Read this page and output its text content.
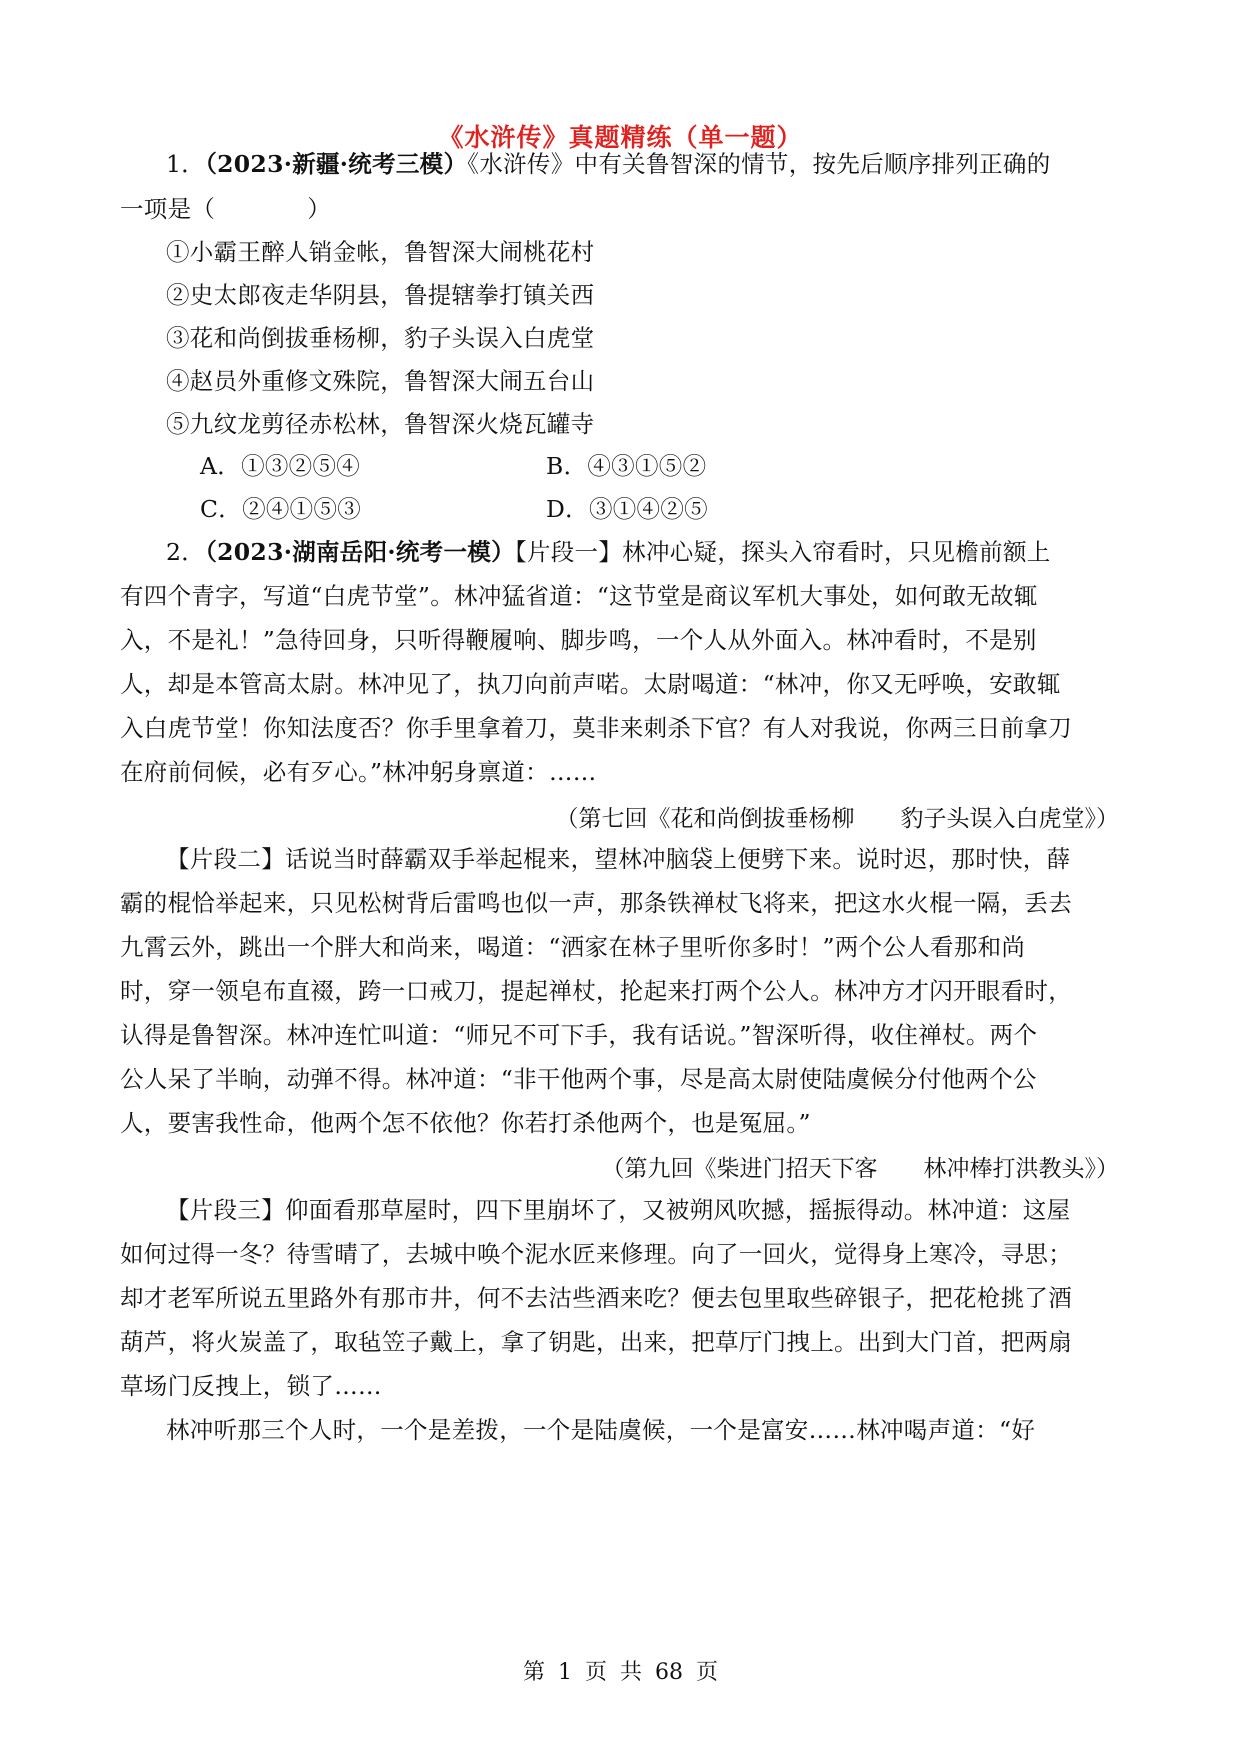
《水浒传》真题精练（单一题）
1．（2023·新疆·统考三模）《水浒传》中有关鲁智深的情节，按先后顺序排列正确的
一项是（	）
①小霸王醉人销金帐，鲁智深大闹桃花村
②史太郎夜走华阴县，鲁提辖拳打镇关西
③花和尚倒拔垂杨柳，豹子头误入白虎堂
④赵员外重修文殊院，鲁智深大闹五台山
⑤九纹龙剪径赤松林，鲁智深火烧瓦罐寺
A．①③②⑤④	B．④③①⑤②
C．②④①⑤③	D．③①④②⑤
2．（2023·湖南岳阳·统考一模）【片段一】林冲心疑，探头入帘看时，只见檐前额上
有四个青字，写道“白虎节堂”。林冲猛省道：“这节堂是商议军机大事处，如何敢无故辄
入，不是礼！”急待回身，只听得鞭履响、脚步鸣，一个人从外面入。林冲看时，不是别
人，却是本管高太尉。林冲见了，执刀向前声喏。太尉喝道：“林冲，你又无呼唤，安敢辄
入白虎节堂！你知法度否？你手里拿着刀，莫非来刺杀下官？有人对我说，你两三日前拿刀
在府前伺候，必有歹心。”林冲躬身禀道：……
（第七回《花和尚倒拔垂杨柳　　豹子头误入白虎堂》）
【片段二】话说当时薛霸双手举起棍来，望林冲脑袋上便劈下来。说时迟，那时快，薛
霸的棍恰举起来，只见松树背后雷鸣也似一声，那条铁禅杖飞将来，把这水火棍一隔，丢去
九霄云外，跳出一个胖大和尚来，喝道：“洒家在林子里听你多时！”两个公人看那和尚
时，穿一领皂布直裰，跨一口戒刀，提起禅杖，抡起来打两个公人。林冲方才闪开眼看时，
认得是鲁智深。林冲连忙叫道：“师兄不可下手，我有话说。”智深听得，收住禅杖。两个
公人呆了半晌，动弹不得。林冲道：“非干他两个事，尽是高太尉使陆虞候分付他两个公
人，要害我性命，他两个怎不依他？你若打杀他两个，也是冤屈。”
（第九回《柴进门招天下客　　林冲棒打洪教头》）
【片段三】仰面看那草屋时，四下里崩坏了，又被朔风吹撼，摇振得动。林冲道：这屋
如何过得一冬？待雪晴了，去城中唤个泥水匠来修理。向了一回火，觉得身上寒冷，寻思；
却才老军所说五里路外有那市井，何不去沽些酒来吃？便去包里取些碎银子，把花枪挑了酒
葫芦，将火炭盖了，取毡笠子戴上，拿了钥匙，出来，把草厅门拽上。出到大门首，把两扇
草场门反拽上，锁了……
林冲听那三个人时，一个是差拨，一个是陆虞候，一个是富安……林冲喝声道：“好
第 1 页 共 68 页
